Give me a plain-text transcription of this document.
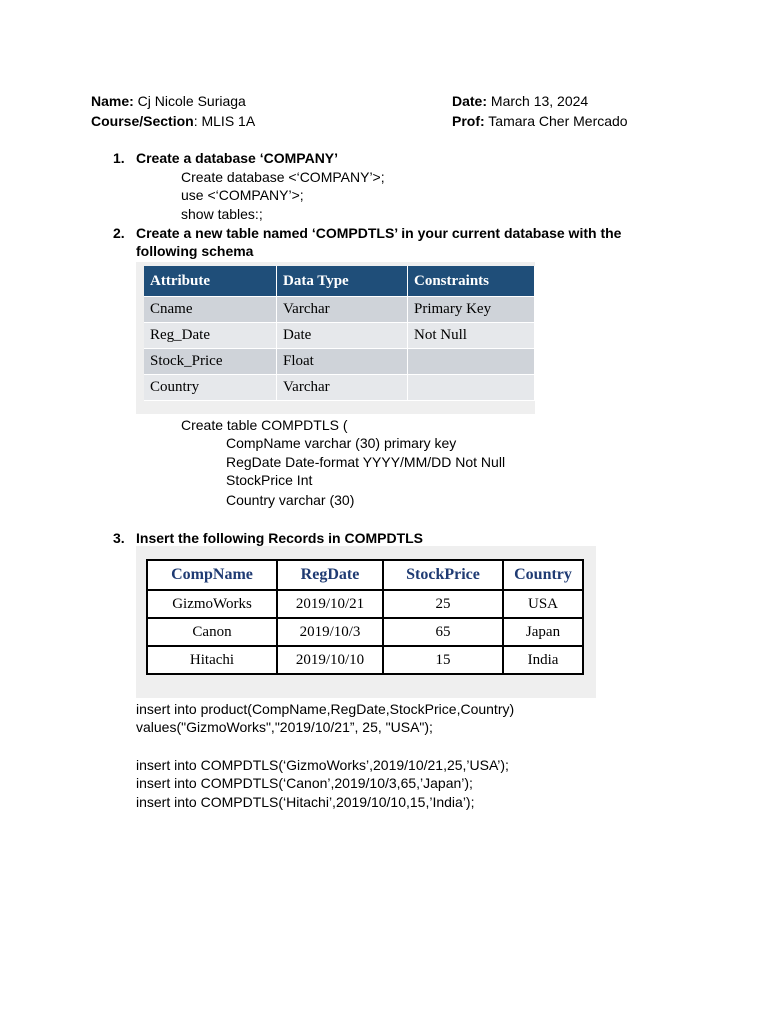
Name: Cj Nicole Suriaga	Date: March 13, 2024
Course/Section: MLIS 1A	Prof: Tamara Cher Mercado
1. Create a database ‘COMPANY’
Create database <‘COMPANY’>;
use <‘COMPANY’>;
show tables:;
2. Create a new table named ‘COMPDTLS’ in your current database with the
following schema
Attribute	Data Type	Constraints
Cname	Varchar	Primary Key
Reg_Date	Date	Not Null
Stock_Price	Float	
Country	Varchar	
Create table COMPDTLS (
CompName varchar (30) primary key
RegDate Date-format YYYY/MM/DD Not Null
StockPrice Int
Country varchar (30)
3. Insert the following Records in COMPDTLS
CompName	RegDate	StockPrice	Country
GizmoWorks	2019/10/21	25	USA
Canon	2019/10/3	65	Japan
Hitachi	2019/10/10	15	India
insert into product(CompName,RegDate,StockPrice,Country)
values("GizmoWorks","2019/10/21”, 25, "USA");
insert into COMPDTLS(‘GizmoWorks’,2019/10/21,25,’USA’);
insert into COMPDTLS(‘Canon’,2019/10/3,65,’Japan’);
insert into COMPDTLS(‘Hitachi’,2019/10/10,15,’India’);
